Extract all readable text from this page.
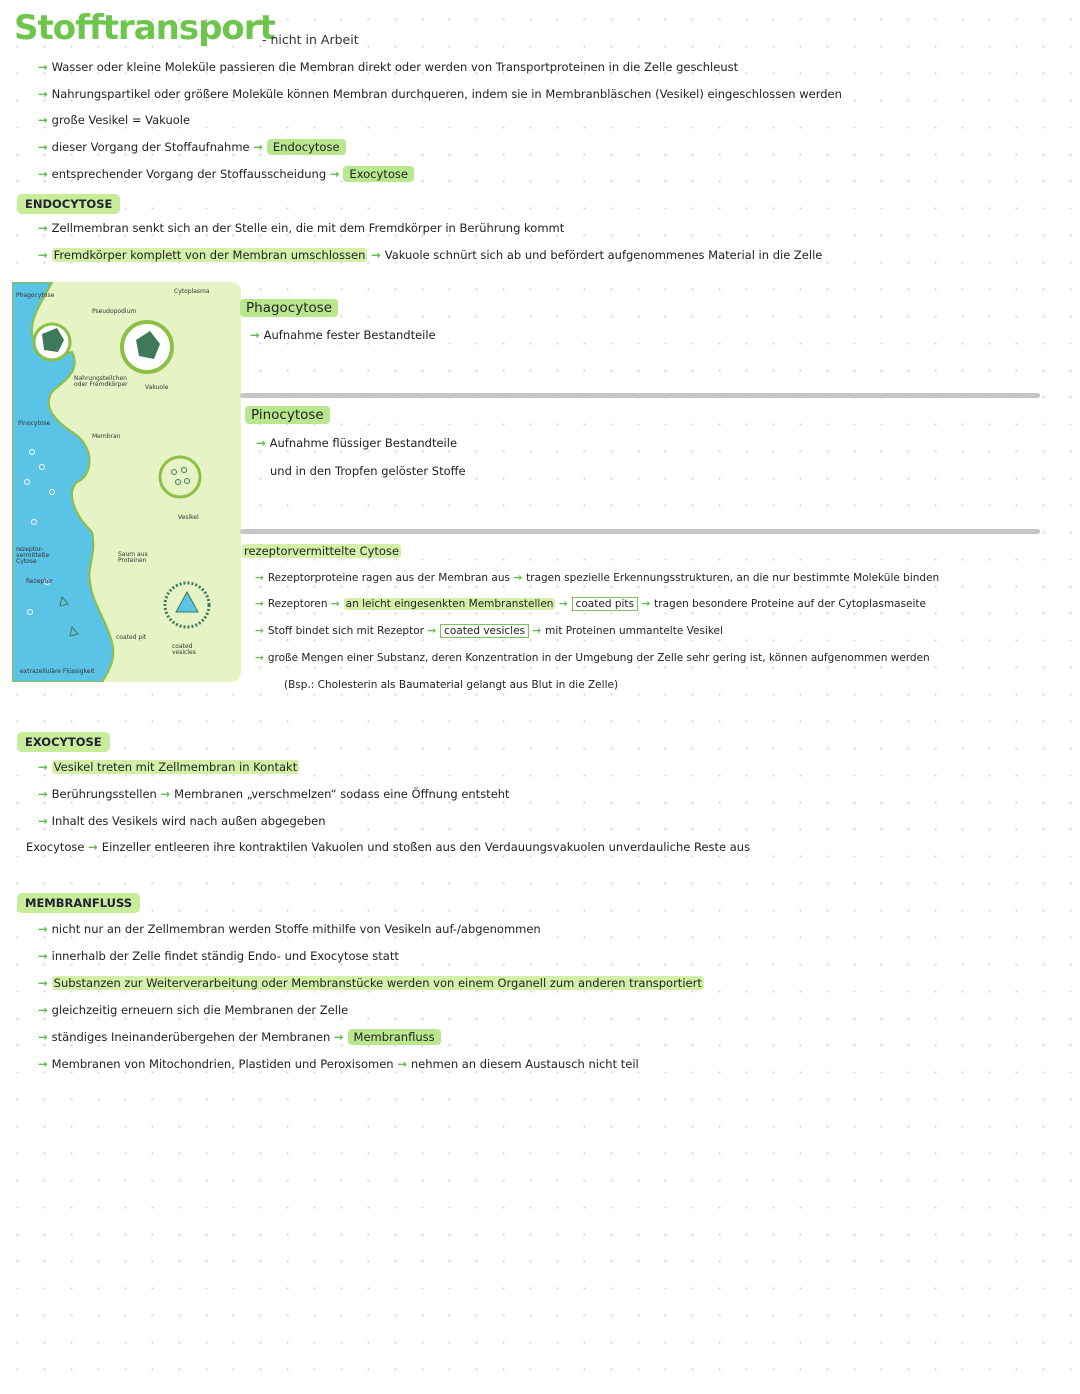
Stofftransport
- nicht in Arbeit
→ Wasser oder kleine Moleküle passieren die Membran direkt oder werden von Transportproteinen in die Zelle geschleust
→ Nahrungspartikel oder größere Moleküle können Membran durchqueren, indem sie in Membranbläschen (Vesikel) eingeschlossen werden
→ große Vesikel = Vakuole
→ dieser Vorgang der Stoffaufnahme → Endocytose
→ entsprechender Vorgang der Stoffausscheidung → Exocytose
ENDOCYTOSE
→ Zellmembran senkt sich an der Stelle ein, die mit dem Fremdkörper in Berührung kommt
→ Fremdkörper komplett von der Membran umschlossen → Vakuole schnürt sich ab und befördert aufgenommenes Material in die Zelle
Phagocytose
Pseudopodium
Cytoplasma
Nahrungsteilchen oder Fremdkörper	Vakuole
Pinocytose
Membran
Vesikel
rezeptor-vermittelte Cytose
Saum aus Proteinen
Rezeptor
coated pit
coated vesicles
extrazelluläre Flüssigkeit
Phagocytose
→ Aufnahme fester Bestandteile
Pinocytose
→ Aufnahme flüssiger Bestandteile
und in den Tropfen gelöster Stoffe
rezeptorvermittelte Cytose
→ Rezeptorproteine ragen aus der Membran aus → tragen spezielle Erkennungsstrukturen, an die nur bestimmte Moleküle binden
→ Rezeptoren → an leicht eingesenkten Membranstellen → coated pits → tragen besondere Proteine auf der Cytoplasmaseite
→ Stoff bindet sich mit Rezeptor → coated vesicles → mit Proteinen ummantelte Vesikel
→ große Mengen einer Substanz, deren Konzentration in der Umgebung der Zelle sehr gering ist, können aufgenommen werden
(Bsp.: Cholesterin als Baumaterial gelangt aus Blut in die Zelle)
EXOCYTOSE
→ Vesikel treten mit Zellmembran in Kontakt
→ Berührungsstellen → Membranen „verschmelzen“ sodass eine Öffnung entsteht
→ Inhalt des Vesikels wird nach außen abgegeben
Exocytose → Einzeller entleeren ihre kontraktilen Vakuolen und stoßen aus den Verdauungsvakuolen unverdauliche Reste aus
MEMBRANFLUSS
→ nicht nur an der Zellmembran werden Stoffe mithilfe von Vesikeln auf-/abgenommen
→ innerhalb der Zelle findet ständig Endo- und Exocytose statt
→ Substanzen zur Weiterverarbeitung oder Membranstücke werden von einem Organell zum anderen transportiert
→ gleichzeitig erneuern sich die Membranen der Zelle
→ ständiges Ineinanderübergehen der Membranen → Membranfluss
→ Membranen von Mitochondrien, Plastiden und Peroxisomen → nehmen an diesem Austausch nicht teil
